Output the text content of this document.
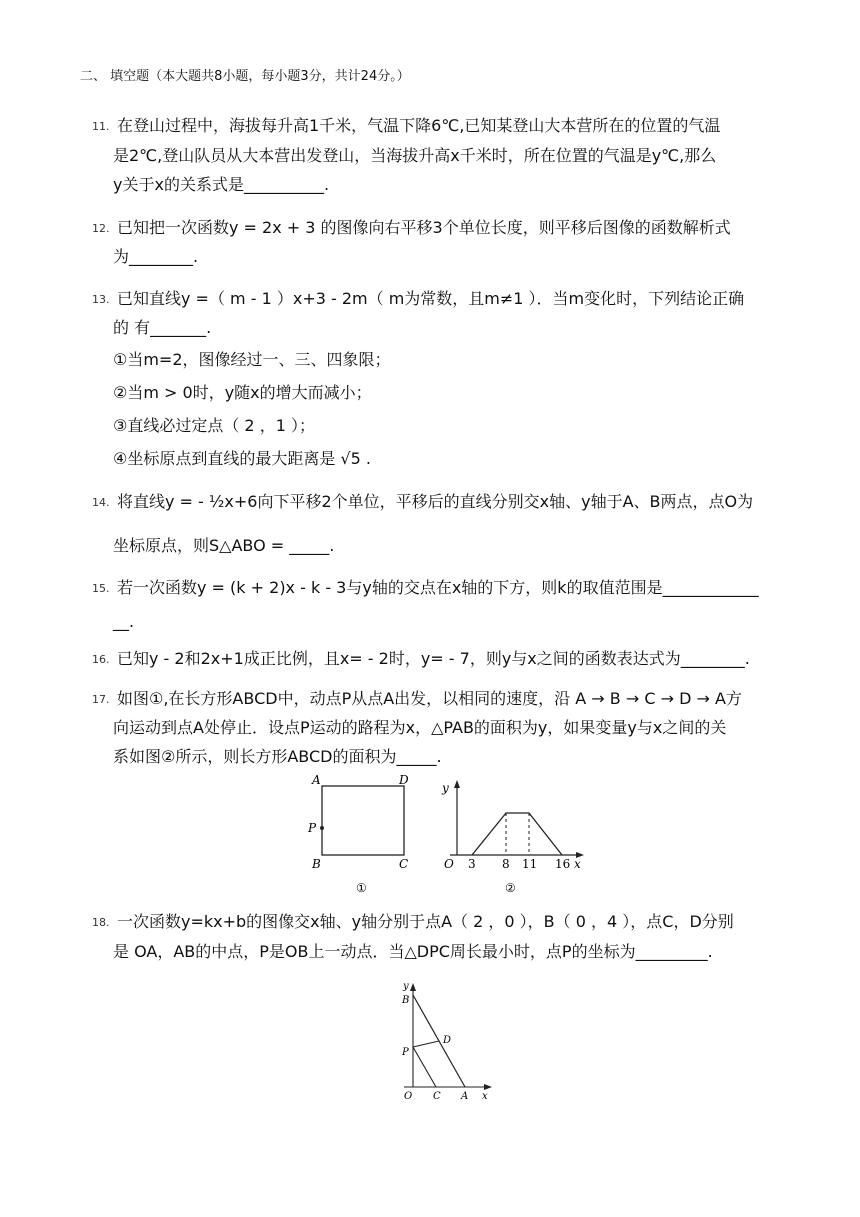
二、 填空题（本大题共8小题，每小题3分，共计24分。）
11. 在登山过程中，海拔每升高1千米，气温下降6℃,已知某登山大本营所在的位置的气温
是2℃,登山队员从大本营出发登山，当海拔升高x千米时，所在位置的气温是y℃,那么
y关于x的关系式是__________.
12. 已知把一次函数y = 2x + 3 的图像向右平移3个单位长度，则平移后图像的函数解析式
为________.
13. 已知直线y =（ m - 1 ）x+3 - 2m（ m为常数，且m≠1 ）．当m变化时，下列结论正确
的 有_______.
①当m=2，图像经过一、三、四象限；
②当m > 0时，y随x的增大而减小；
③直线必过定点（ 2 ，1 ）；
④坐标原点到直线的最大距离是 √5 .
14. 将直线y = - ½x+6向下平移2个单位，平移后的直线分别交x轴、y轴于A、B两点，点O为
坐标原点，则S△ABO = _____.
15. 若一次函数y = (k + 2)x - k - 3与y轴的交点在x轴的下方，则k的取值范围是____________
__.
16. 已知y - 2和2x+1成正比例，且x= - 2时，y= - 7，则y与x之间的函数表达式为________.
17. 如图①,在长方形ABCD中，动点P从点A出发，以相同的速度，沿 A → B → C → D → A方
向运动到点A处停止．设点P运动的路程为x，△PAB的面积为y，如果变量y与x之间的关
系如图②所示，则长方形ABCD的面积为_____.
A	D
P
B	C
①
y
O 3 8 11 16 x
②
18. 一次函数y=kx+b的图像交x轴、y轴分别于点A（ 2 ，0 ），B（ 0 ，4 ），点C，D分别
是 OA，AB的中点，P是OB上一动点．当△DPC周长最小时，点P的坐标为_________.
y
B
D
P
O C A x
